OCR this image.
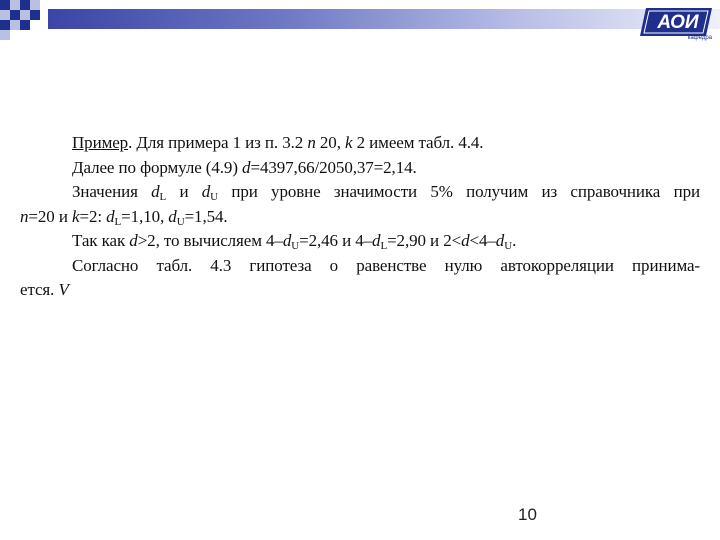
АОИ
кафедра

Пример. Для примера 1 из п. 3.2 n 20, k 2 имеем табл. 4.4.

Далее по формуле (4.9) d=4397,66/2050,37=2,14.

Значения $d_L$ и $d_U$ при уровне значимости 5% получим из справочника при
n=20 и k=2: $d_L=1,10$, $d_U=1,54$.

Так как d>2, то вычисляем $4-d_U=2,46$ и $4-d_L=2,90$ и $2<d<4-d_U$.

Согласно табл. 4.3 гипотеза о равенстве нулю автокорреляции принима-
ется. V

10
